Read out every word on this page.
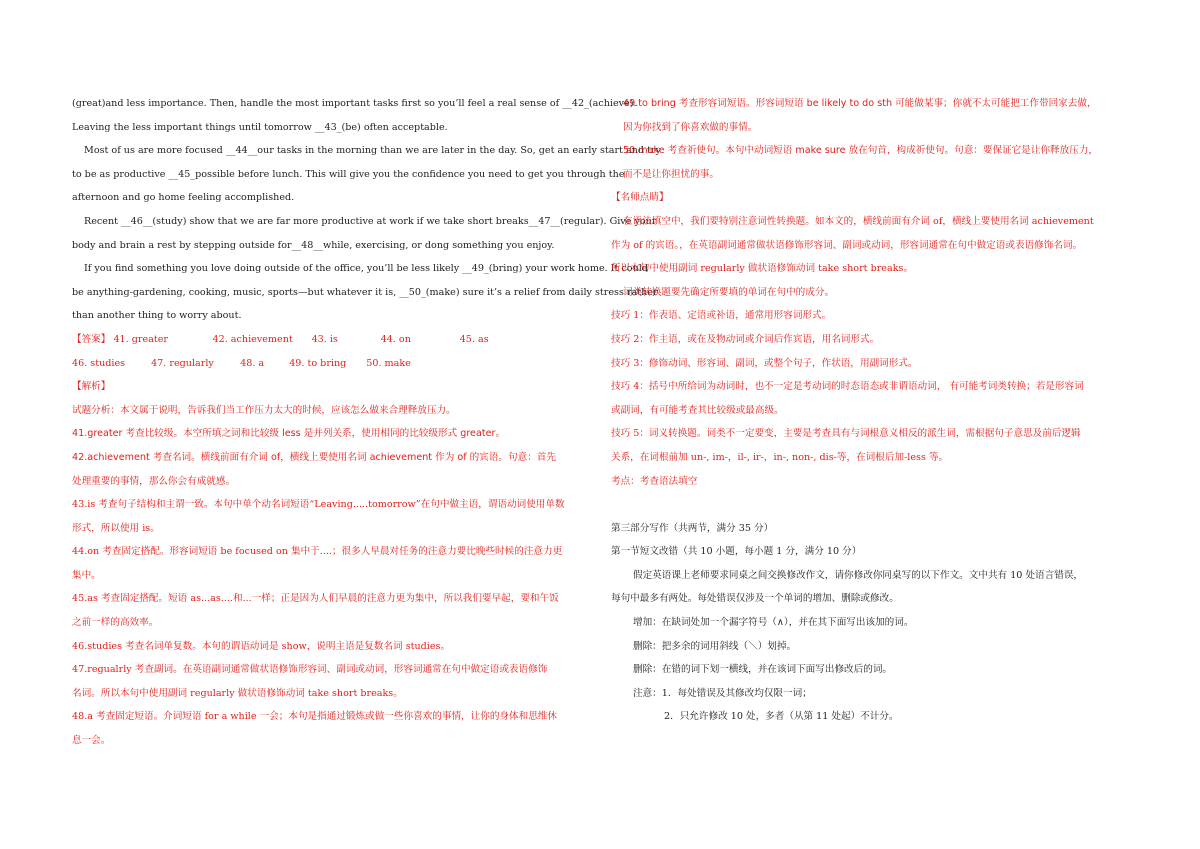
(great)and less importance. Then, handle the most important tasks first so you’ll feel a real sense of __42_(achieve).
Leaving the less important things until tomorrow __43_(be) often acceptable.
Most of us are more focused __44__our tasks in the morning than we are later in the day. So, get an early start and try
to be as productive __45_possible before lunch. This will give you the confidence you need to get you through the
afternoon and go home feeling accomplished.
Recent __46__(study) show that we are far more productive at work if we take short breaks__47__(regular). Give your
body and brain a rest by stepping outside for__48__while, exercising, or dong something you enjoy.
If you find something you love doing outside of the office, you’ll be less likely __49_(bring) your work home. It could
be anything-gardening, cooking, music, sports—but whatever it is, __50_(make) sure it’s a relief from daily stress rather
than another thing to worry about.
【答案】 41. greater	42. achievement 43. is	44. on	45. as
46. studies	47. regularly	48. a	49. to bring 50. make
【解析】
试题分析：本文属于说明，告诉我们当工作压力太大的时候，应该怎么做来合理释放压力。
41.greater 考查比较级。本空所填之词和比较级 less 是并列关系，使用相同的比较级形式 greater。
42.achievement 考查名词。横线前面有介词 of，横线上要使用名词 achievement 作为 of 的宾语。句意：首先
处理重要的事情，那么你会有成就感。
43.is 考查句子结构和主谓一致。本句中单个动名词短语“Leaving.....tomorrow”在句中做主语，谓语动词使用单数
形式，所以使用 is。
44.on 考查固定搭配。形容词短语 be focused on 集中于....；很多人早晨对任务的注意力要比晚些时候的注意力更
集中。
45.as 考查固定搭配。短语 as...as....和...一样；正是因为人们早晨的注意力更为集中，所以我们要早起，要和午饭
之前一样的高效率。
46.studies 考查名词单复数。本句的谓语动词是 show，说明主语是复数名词 studies。
47.regualrly 考查副词。在英语副词通常做状语修饰形容词、副词或动词，形容词通常在句中做定语或表语修饰
名词。所以本句中使用副词 regularly 做状语修饰动词 take short breaks。
48.a 考查固定短语。介词短语 for a while 一会；本句是指通过锻炼或做一些你喜欢的事情，让你的身体和思维休
息一会。
49.to bring 考查形容词短语。形容词短语 be likely to do sth 可能做某事；你就不太可能把工作带回家去做，
因为你找到了你喜欢做的事情。
50.make 考查祈使句。本句中动词短语 make sure 放在句首，构成祈使句。句意：要保证它是让你释放压力，
而不是让你担忧的事。
【名师点睛】
在语法填空中，我们要特别注意词性转换题。如本文的，横线前面有介词 of，横线上要使用名词 achievement
作为 of 的宾语。，在英语副词通常做状语修饰形容词、副词或动词，形容词通常在句中做定语或表语修饰名词。
所以本句中使用副词 regularly 做状语修饰动词 take short breaks。
词类转换题要先确定所要填的单词在句中的成分。
技巧 1：作表语、定语或补语，通常用形容词形式。
技巧 2：作主语，或在及物动词或介词后作宾语，用名词形式。
技巧 3：修饰动词、形容词、副词，或整个句子，作状语，用副词形式。
技巧 4：括号中所给词为动词时，也不一定是考动词的时态语态或非谓语动词， 有可能考词类转换；若是形容词
或副词，有可能考查其比较级或最高级。
技巧 5：词义转换题。词类不一定要变，主要是考查具有与词根意义相反的派生词，需根据句子意思及前后逻辑
关系，在词根前加 un-, im-，il-, ir-，in-, non-, dis-等，在词根后加-less 等。
考点：考查语法填空

第三部分写作（共两节，满分 35 分）
第一节短文改错（共 10 小题，每小题 1 分，满分 10 分）
假定英语课上老师要求同桌之间交换修改作文，请你修改你同桌写的以下作文。文中共有 10 处语言错误，
每句中最多有两处。每处错误仅涉及一个单词的增加、删除或修改。
增加：在缺词处加一个漏字符号（∧），并在其下面写出该加的词。
删除：把多余的词用斜线（＼）划掉。
删除：在错的词下划一横线，并在该词下面写出修改后的词。
注意：1．每处错误及其修改均仅限一词；
2．只允许修改 10 处，多者（从第 11 处起）不计分。
